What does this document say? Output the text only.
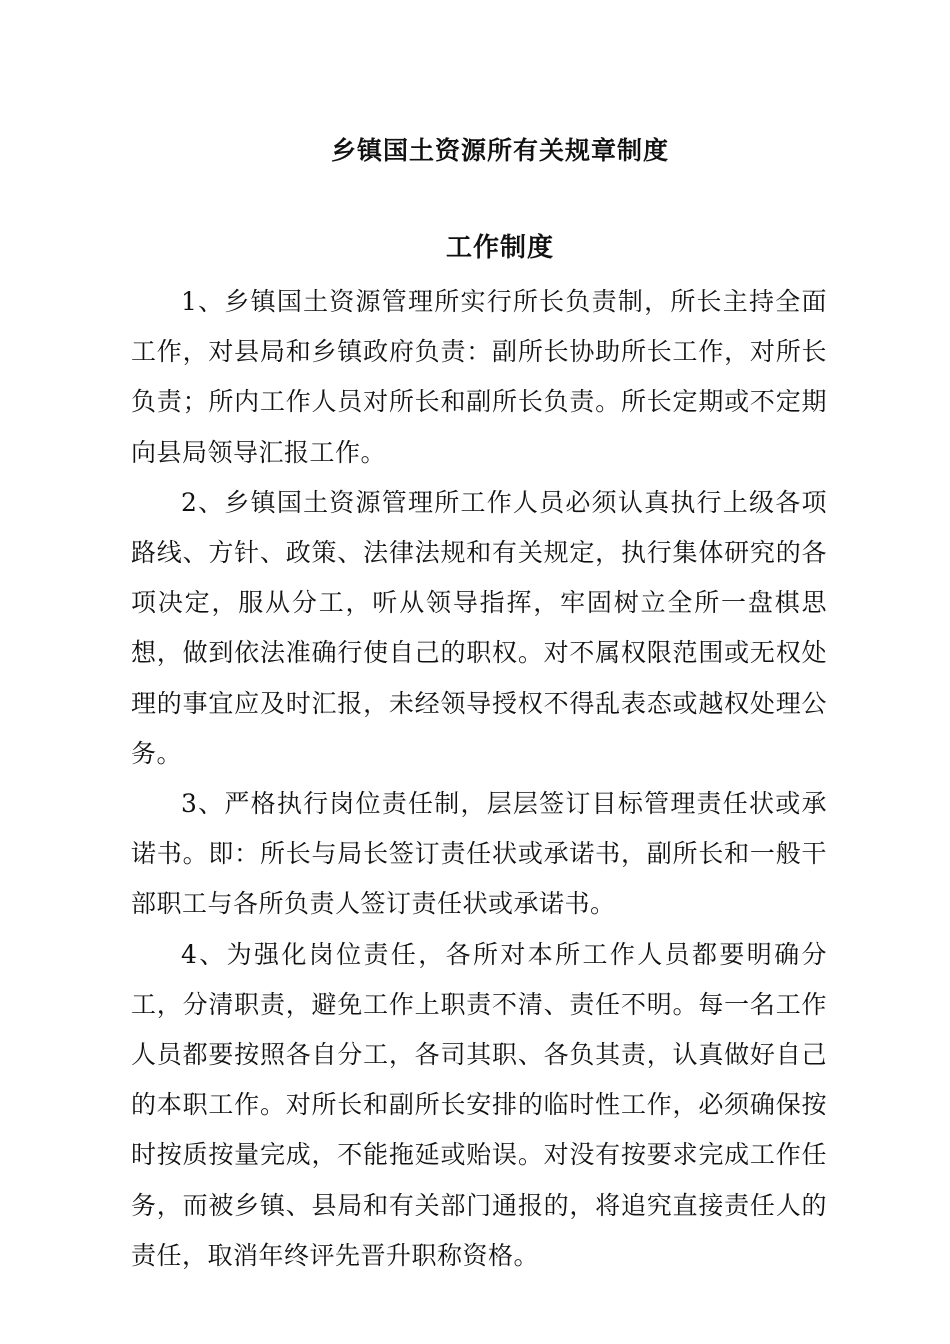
乡镇国土资源所有关规章制度
工作制度

1、乡镇国土资源管理所实行所长负责制，所长主持全面工作，对县局和乡镇政府负责：副所长协助所长工作，对所长负责；所内工作人员对所长和副所长负责。所长定期或不定期向县局领导汇报工作。

2、乡镇国土资源管理所工作人员必须认真执行上级各项路线、方针、政策、法律法规和有关规定，执行集体研究的各项决定，服从分工，听从领导指挥，牢固树立全所一盘棋思想，做到依法准确行使自己的职权。对不属权限范围或无权处理的事宜应及时汇报，未经领导授权不得乱表态或越权处理公务。

3、严格执行岗位责任制，层层签订目标管理责任状或承诺书。即：所长与局长签订责任状或承诺书，副所长和一般干部职工与各所负责人签订责任状或承诺书。

4、为强化岗位责任，各所对本所工作人员都要明确分工，分清职责，避免工作上职责不清、责任不明。每一名工作人员都要按照各自分工，各司其职、各负其责，认真做好自己的本职工作。对所长和副所长安排的临时性工作，必须确保按时按质按量完成，不能拖延或贻误。对没有按要求完成工作任务，而被乡镇、县局和有关部门通报的，将追究直接责任人的责任，取消年终评先晋升职称资格。
